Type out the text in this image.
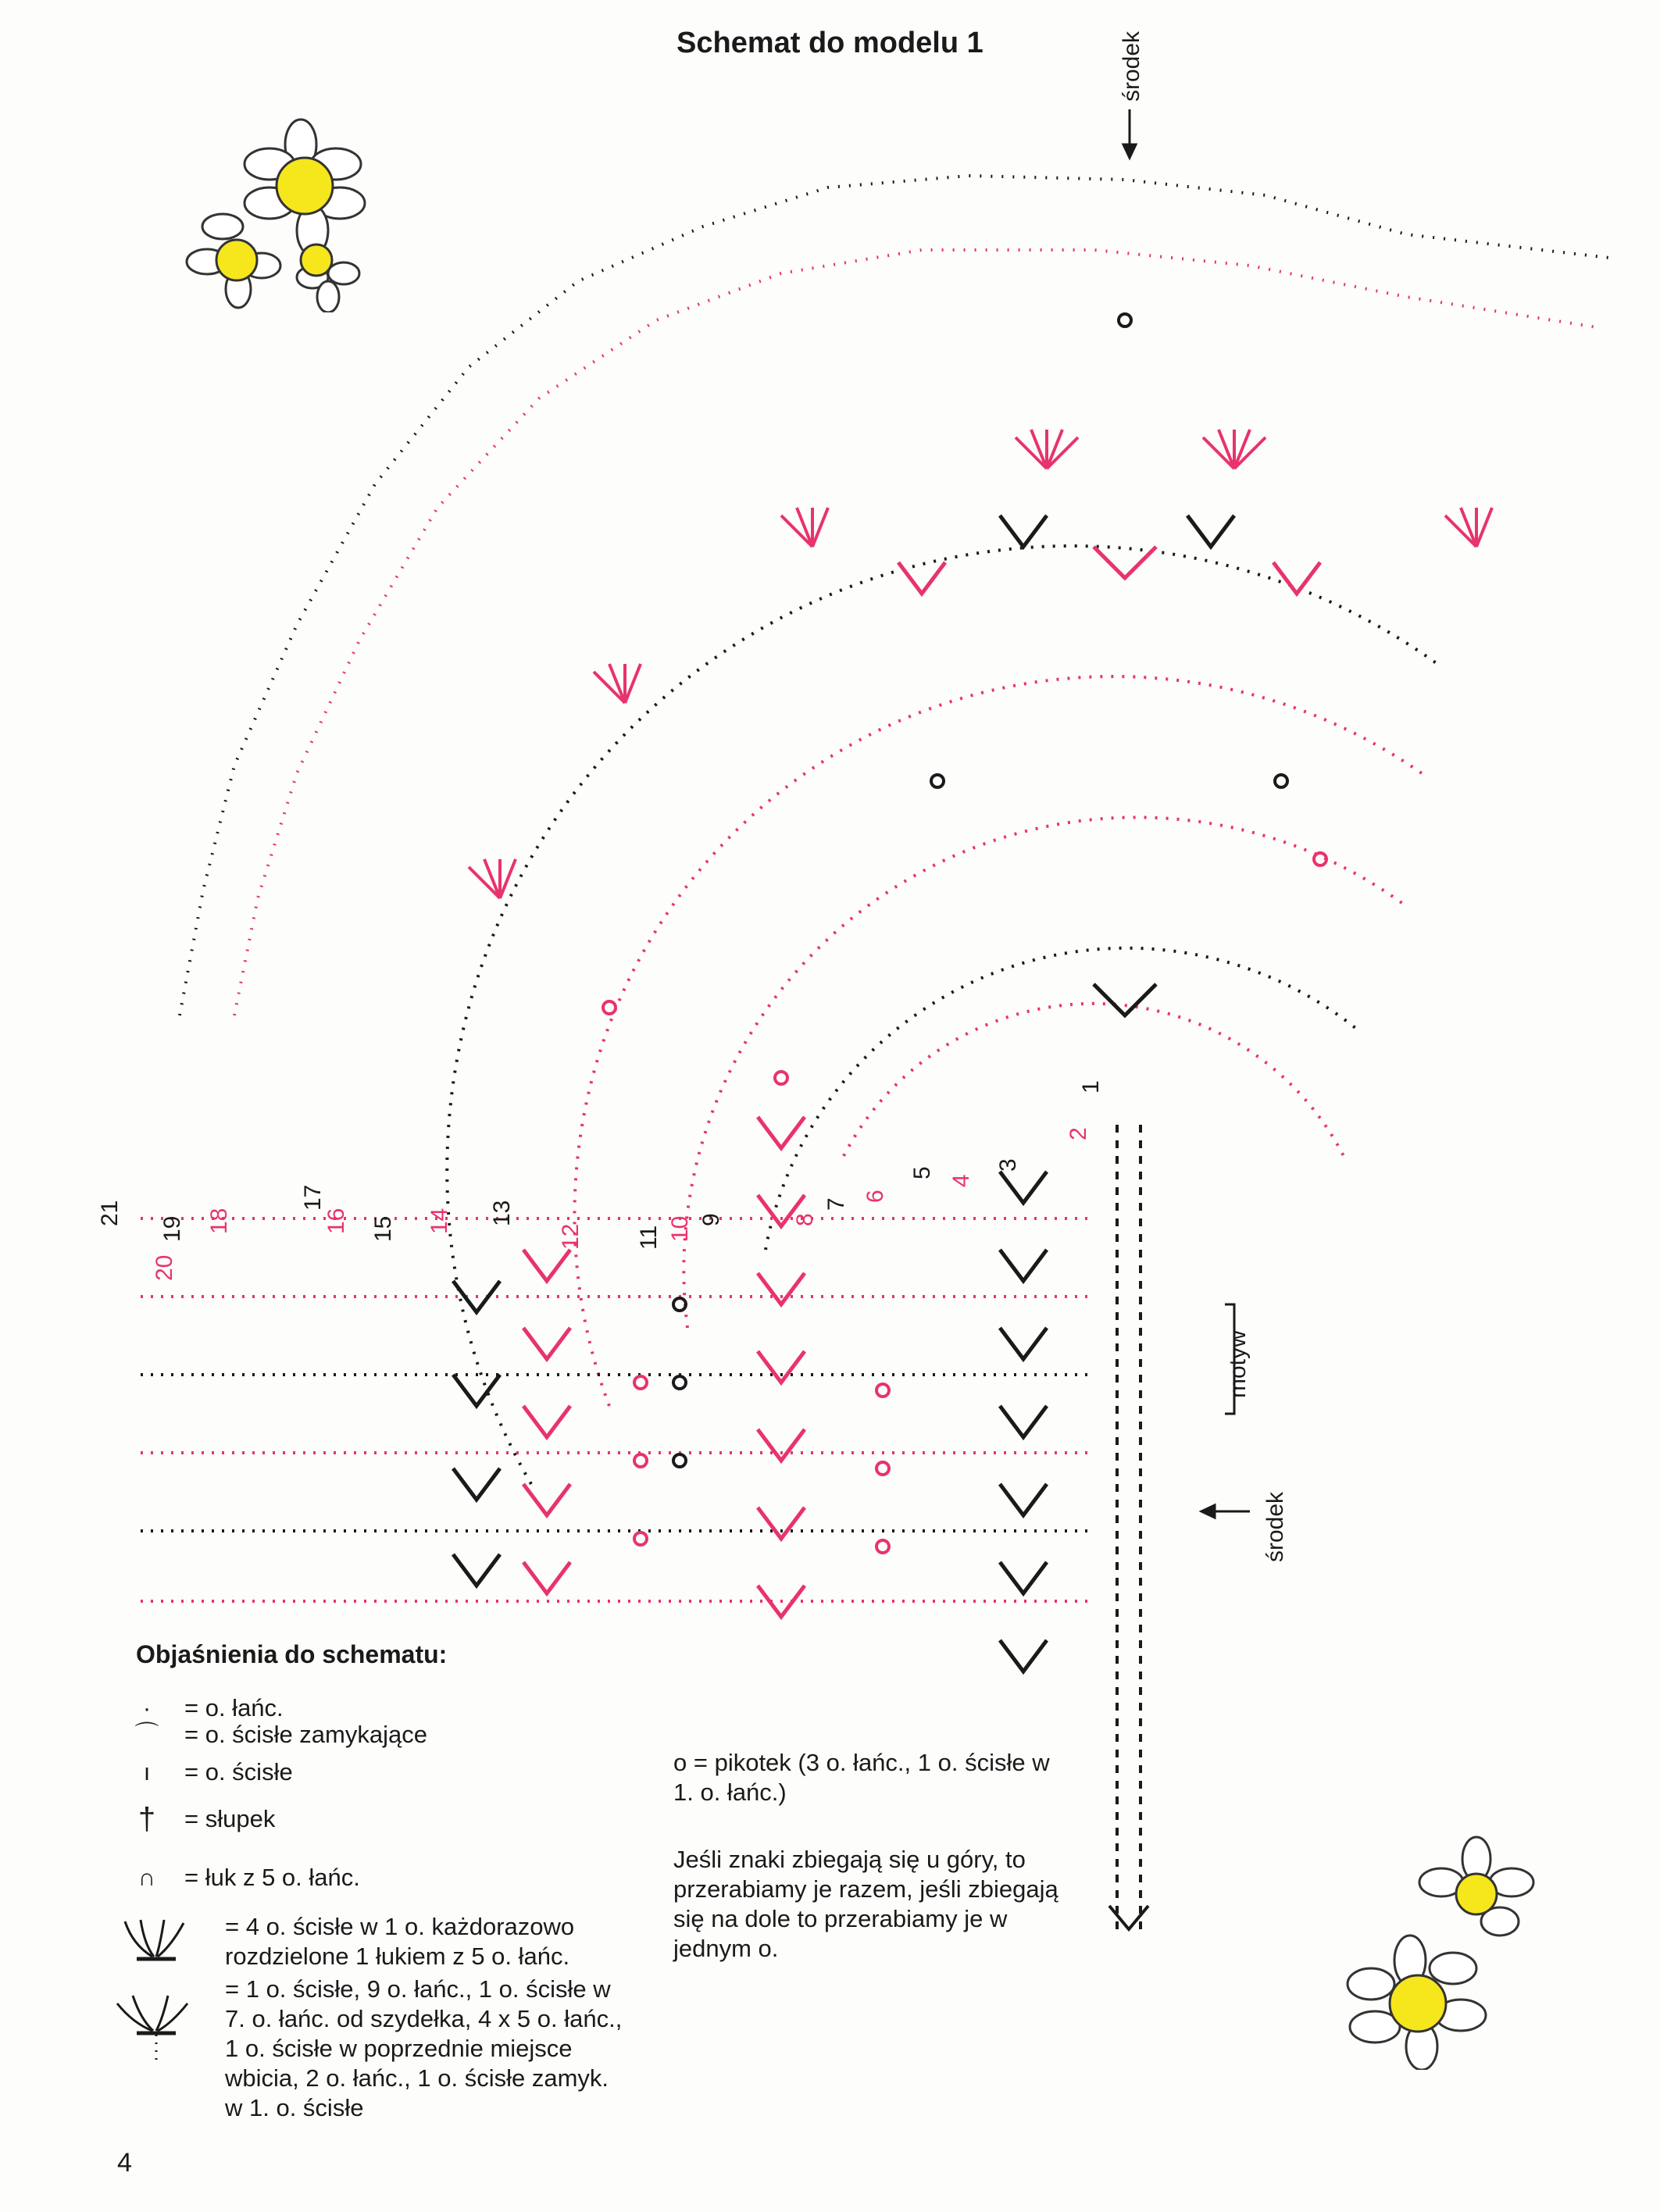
Schemat do modelu 1
1
2
3
4
5
6
7
8
9
10
11
12
13
14
15
16
17
18
19
20
21
środek
środek
motyw
Objaśnienia do schematu:
·	= o. łańc.
⌒	= o. ścisłe zamykające
ı	= o. ścisłe
†	= słupek
∩	= łuk z 5 o. łańc.
= 4 o. ścisłe w 1 o. każdorazowo rozdzielone 1 łukiem z 5 o. łańc.
= 1 o. ścisłe, 9 o. łańc., 1 o. ścisłe w 7. o. łańc. od szydełka, 4 x 5 o. łańc., 1 o. ścisłe w poprzednie miejsce wbicia, 2 o. łańc., 1 o. ścisłe zamyk. w 1. o. ścisłe
o = pikotek (3 o. łańc., 1 o. ścisłe w 1. o. łańc.)
Jeśli znaki zbiegają się u góry, to przerabiamy je razem, jeśli zbiegają się na dole to przerabiamy je w jednym o.
4
